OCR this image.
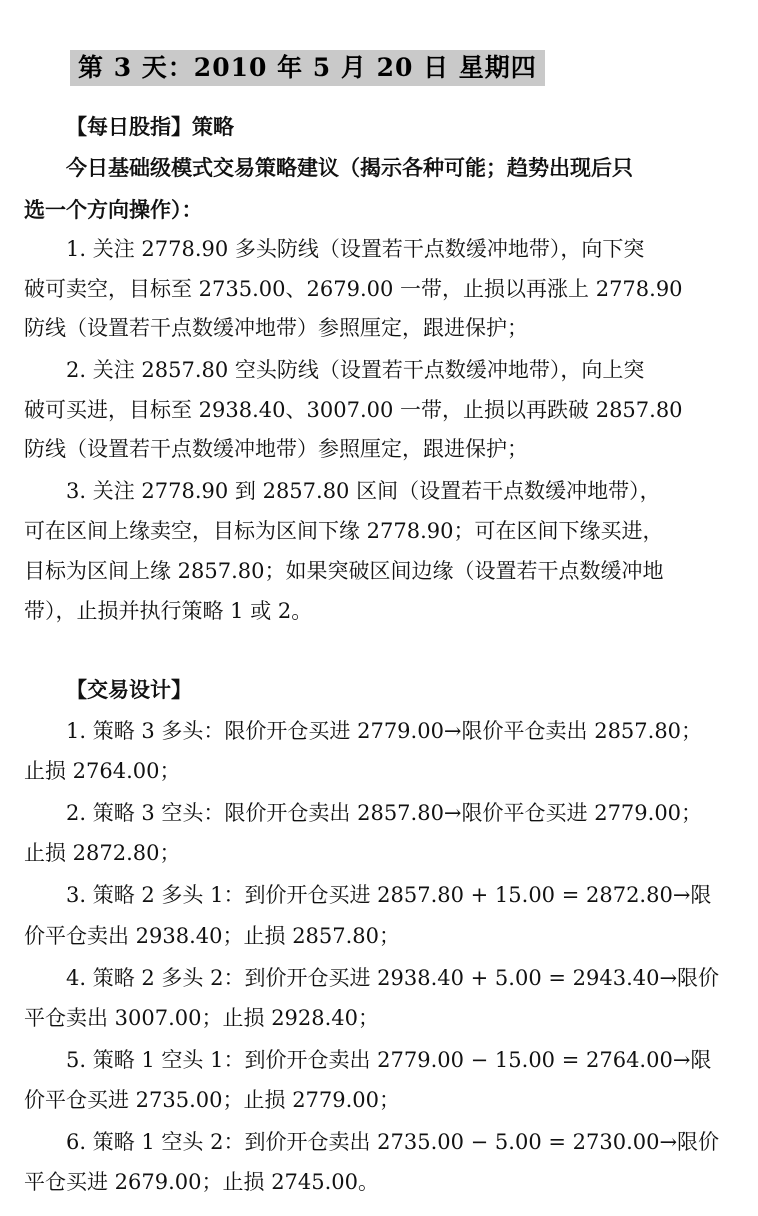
第 3 天：2010 年 5 月 20 日 星期四
【每日股指】策略
今日基础级模式交易策略建议（揭示各种可能；趋势出现后只
选一个方向操作）：
1. 关注 2778.90 多头防线（设置若干点数缓冲地带），向下突
破可卖空，目标至 2735.00、2679.00 一带，止损以再涨上 2778.90
防线（设置若干点数缓冲地带）参照厘定，跟进保护；
2. 关注 2857.80 空头防线（设置若干点数缓冲地带），向上突
破可买进，目标至 2938.40、3007.00 一带，止损以再跌破 2857.80
防线（设置若干点数缓冲地带）参照厘定，跟进保护；
3. 关注 2778.90 到 2857.80 区间（设置若干点数缓冲地带），
可在区间上缘卖空，目标为区间下缘 2778.90；可在区间下缘买进，
目标为区间上缘 2857.80；如果突破区间边缘（设置若干点数缓冲地
带），止损并执行策略 1 或 2。
【交易设计】
1. 策略 3 多头：限价开仓买进 2779.00→限价平仓卖出 2857.80；
止损 2764.00；
2. 策略 3 空头：限价开仓卖出 2857.80→限价平仓买进 2779.00；
止损 2872.80；
3. 策略 2 多头 1：到价开仓买进 2857.80 + 15.00 = 2872.80→限
价平仓卖出 2938.40；止损 2857.80；
4. 策略 2 多头 2：到价开仓买进 2938.40 + 5.00 = 2943.40→限价
平仓卖出 3007.00；止损 2928.40；
5. 策略 1 空头 1：到价开仓卖出 2779.00 − 15.00 = 2764.00→限
价平仓买进 2735.00；止损 2779.00；
6. 策略 1 空头 2：到价开仓卖出 2735.00 − 5.00 = 2730.00→限价
平仓买进 2679.00；止损 2745.00。
